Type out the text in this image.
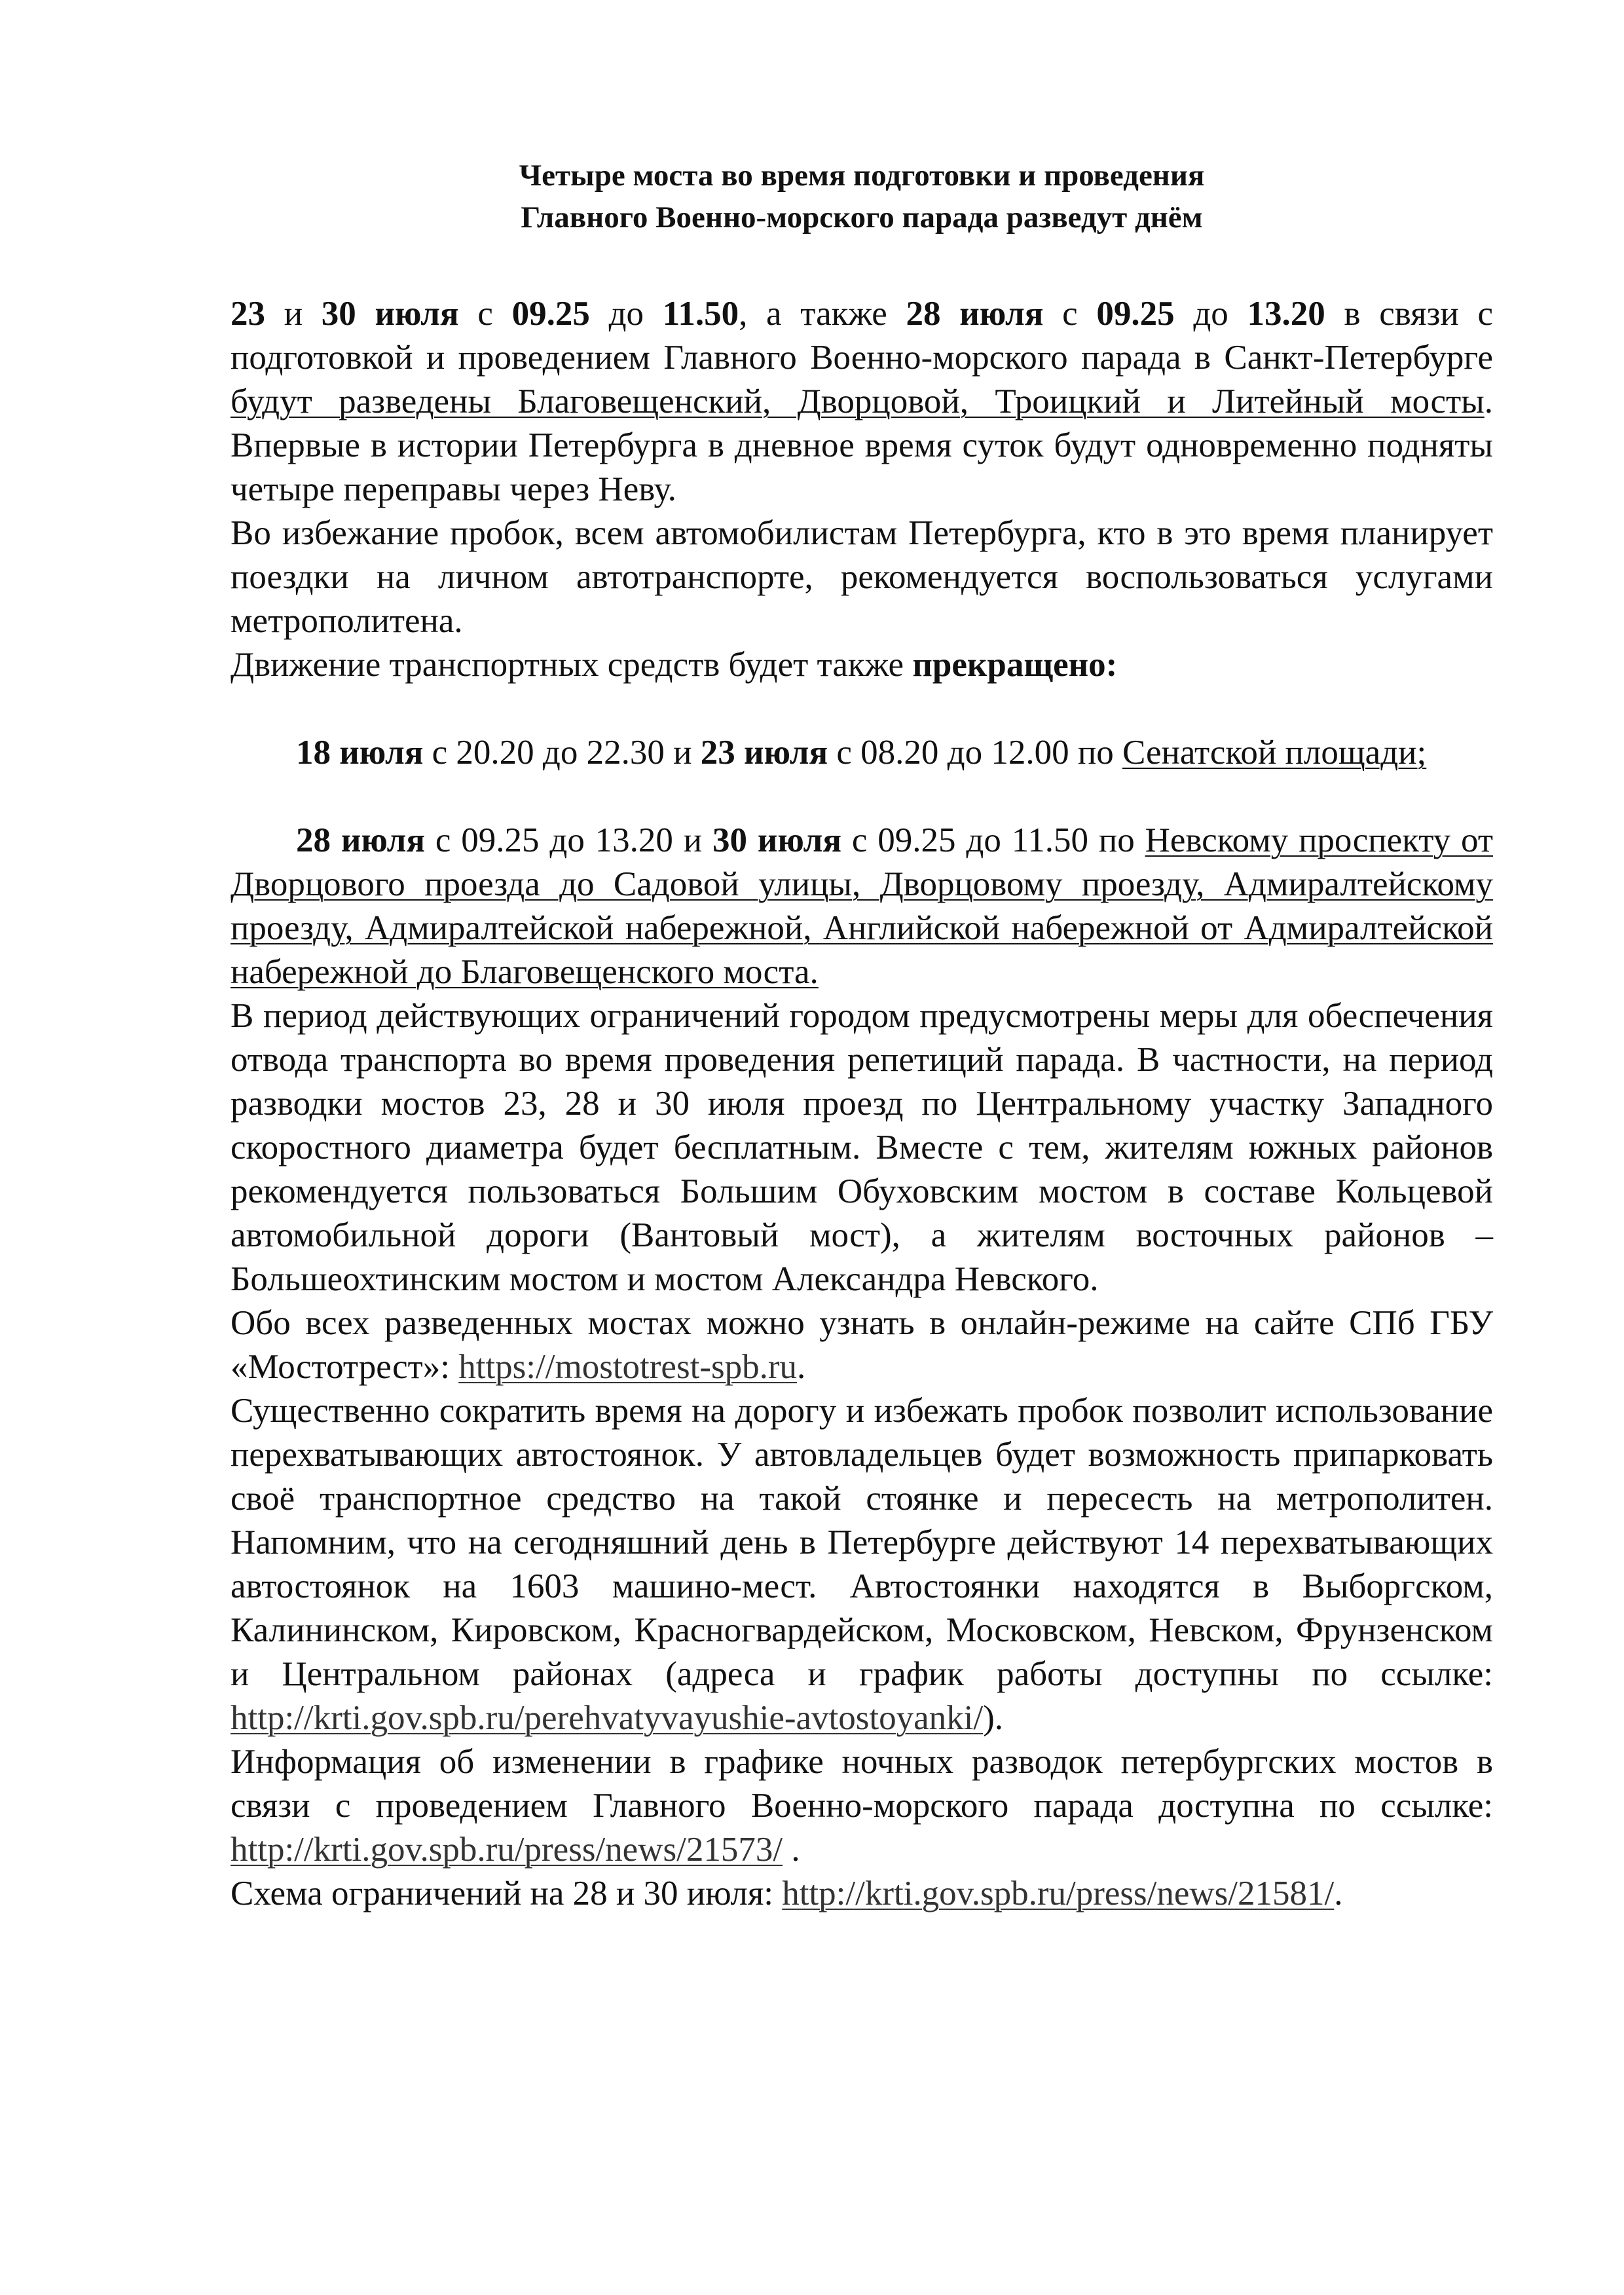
Четыре моста во время подготовки и проведения
Главного Военно-морского парада разведут днём

23 и 30 июля с 09.25 до 11.50, а также 28 июля с 09.25 до 13.20 в связи с подготовкой и проведением Главного Военно-морского парада в Санкт-Петербурге будут разведены Благовещенский, Дворцовой, Троицкий и Литейный мосты. Впервые в истории Петербурга в дневное время суток будут одновременно подняты четыре переправы через Неву.

Во избежание пробок, всем автомобилистам Петербурга, кто в это время планирует поездки на личном автотранспорте, рекомендуется воспользоваться услугами метрополитена.

Движение транспортных средств будет также прекращено:

18 июля с 20.20 до 22.30 и 23 июля с 08.20 до 12.00 по Сенатской площади;

28 июля с 09.25 до 13.20 и 30 июля с 09.25 до 11.50 по Невскому проспекту от Дворцового проезда до Садовой улицы, Дворцовому проезду, Адмиралтейскому проезду, Адмиралтейской набережной, Английской набережной от Адмиралтейской набережной до Благовещенского моста.

В период действующих ограничений городом предусмотрены меры для обеспечения отвода транспорта во время проведения репетиций парада. В частности, на период разводки мостов 23, 28 и 30 июля проезд по Центральному участку Западного скоростного диаметра будет бесплатным. Вместе с тем, жителям южных районов рекомендуется пользоваться Большим Обуховским мостом в составе Кольцевой автомобильной дороги (Вантовый мост), а жителям восточных районов – Большеохтинским мостом и мостом Александра Невского.

Обо всех разведенных мостах можно узнать в онлайн-режиме на сайте СПб ГБУ «Мостотрест»: https://mostotrest-spb.ru.

Существенно сократить время на дорогу и избежать пробок позволит использование перехватывающих автостоянок. У автовладельцев будет возможность припарковать своё транспортное средство на такой стоянке и пересесть на метрополитен. Напомним, что на сегодняшний день в Петербурге действуют 14 перехватывающих автостоянок на 1603 машино-мест. Автостоянки находятся в Выборгском, Калининском, Кировском, Красногвардейском, Московском, Невском, Фрунзенском и Центральном районах (адреса и график работы доступны по ссылке: http://krti.gov.spb.ru/perehvatyvayushie-avtostoyanki/).

Информация об изменении в графике ночных разводок петербургских мостов в связи с проведением Главного Военно-морского парада доступна по ссылке: http://krti.gov.spb.ru/press/news/21573/ .

Схема ограничений на 28 и 30 июля: http://krti.gov.spb.ru/press/news/21581/.
